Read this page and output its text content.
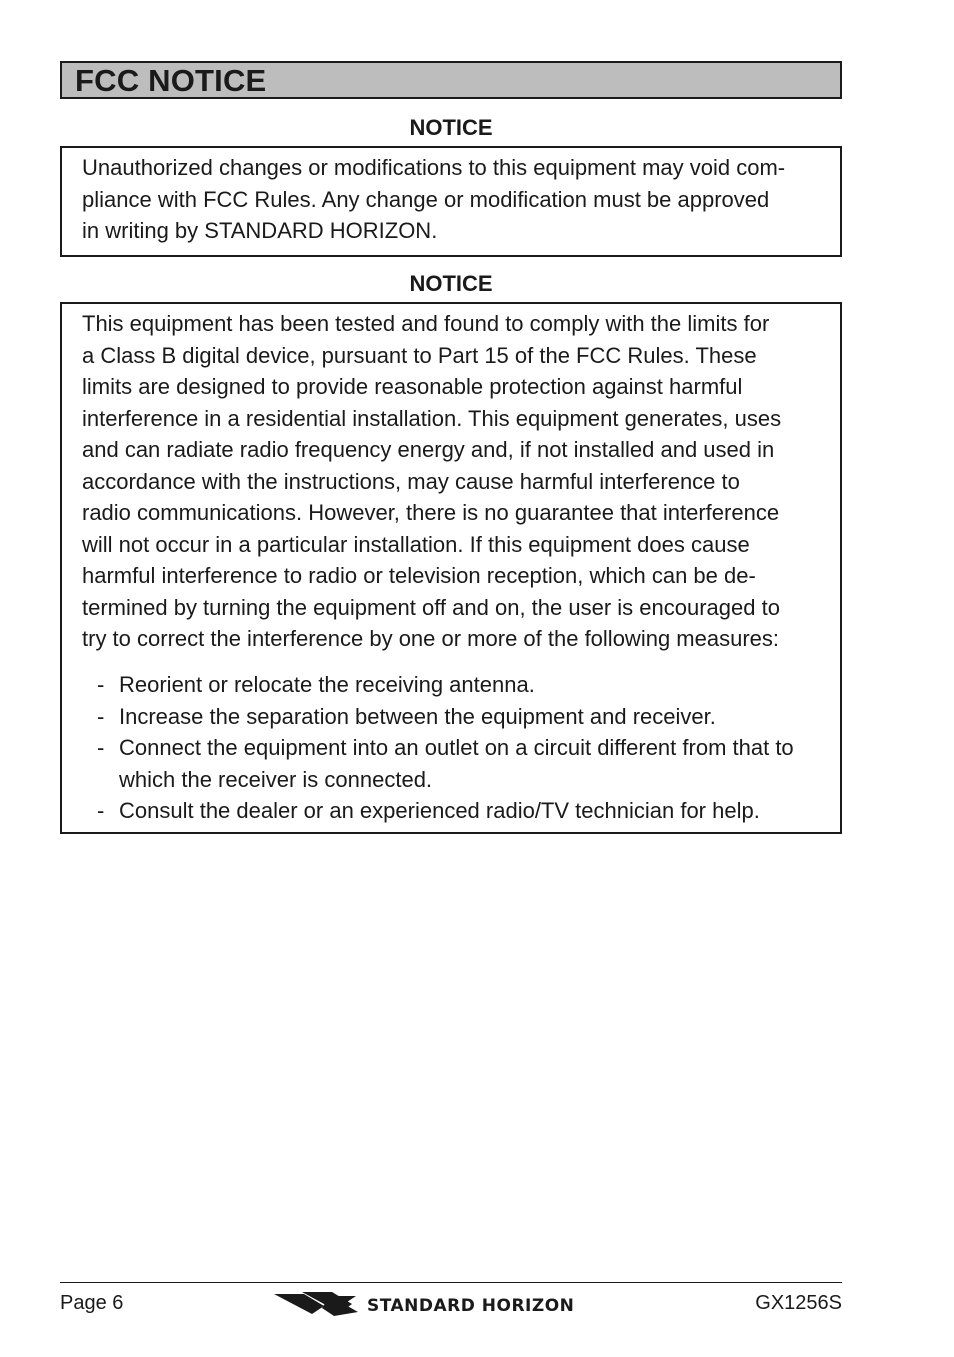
FCC NOTICE
NOTICE

Unauthorized changes or modifications to this equipment may void com-

pliance with FCC Rules. Any change or modification must be approved

in writing by STANDARD HORIZON.

NOTICE

This equipment has been tested and found to comply with the limits for

a Class B digital device, pursuant to Part 15 of the FCC Rules. These

limits are designed to provide reasonable protection against harmful

interference in a residential installation. This equipment generates, uses

and can radiate radio frequency energy and, if not installed and used in

accordance with the instructions, may cause harmful interference to

radio communications. However, there is no guarantee that interference

will not occur in a particular installation. If this equipment does cause

harmful interference to radio or television reception, which can be de-

termined by turning the equipment off and on, the user is encouraged to

try to correct the interference by one or more of the following measures:

- Reorient or relocate the receiving antenna.
- Increase the separation between the equipment and receiver.
- Connect the equipment into an outlet on a circuit different from that to which the receiver is connected.
- Consult the dealer or an experienced radio/TV technician for help.
Page 6	STANDARD HORIZON	GX1256S
